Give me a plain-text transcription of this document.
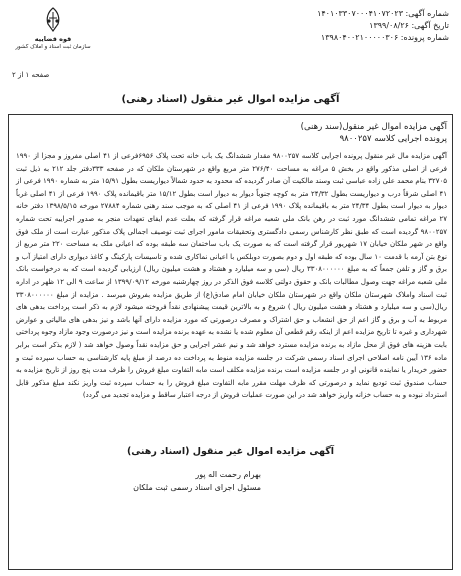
قوه قضاییه
سازمان ثبت اسناد و املاک کشور
شماره آگهی: ۱۴۰۱۰۳۳۰۷۰۰۰۴۱۰۷۲۰۲۳
تاریخ آگهی: ۱۳۹۹/۰۸/۲۶
شماره پرونده: ۱۳۹۸۰۴۰۰۲۱۰۰۰۰۰۳۰۶
صفحه ۱ از ۲
آگهی مزایده اموال غیر منقول (اسناد رهنی)
آگهی مزایده اموال غیر منقول(سند رهنی)
پرونده اجرایی کلاسه ۹۸۰۰۲۵۷
آگهی مزایده مال غیر منقول پرونده اجرایی کلاسه ۹۸۰۰۲۵۷ مقدار ششدانگ یک باب خانه تحت پلاک ۶۹۵۶فرعی از ۴۱ اصلی مفروز و مجزا از ۱۹۹۰ فرعی از اصلی مذکور واقع در بخش ۵ مراغه به مساحت ۲۷۶/۴۰ متر مربع واقع در شهرستان ملکان که در صفحه ۳۳۳دفتر جلد ۲۱۲ به ذیل ثبت ۳۲۷۰۵ بنام محمد علی زاده عباسی ثبت وسند مالکیت آن صادر گردیده که محدود به حدود شمالاً دیواریست بطول ۱۵/۹۱ متر به شماره ۱۹۹۰ فرعی از ۴۱ اصلی شرقاً درب و دیواریست بطول ۲۴/۳۲ متر به کوچه جنوباً دیوار به دیوار است بطول ۱۵/۱۲ متر باقیمانده پلاک ۱۹۹۰ فرعی از ۴۱ اصلی غرباً دیوار به دیوار است بطول ۲۴/۳۴ متر به باقیمانده پلاک ۱۹۹۰ فرعی از ۴۱ اصلی که به موجب سند رهنی شماره ۲۷۸۸۴ مورخه ۱۳۹۸/۵/۱۵ دفتر خانه ۲۷ مراغه تمامی ششدانگ مورد ثبت در رهن بانک ملی شعبه مراغه قرار گرفته که بعلت عدم ایفای تعهدات منجر به صدور اجراییه تحت شماره ۹۸۰۰۲۵۷ گردیده است که طبق نظر کارشناس رسمی دادگستری وتحقیقات مامور اجرای ثبت توصیف اجمالی پلاک مذکور عبارت است از ملک فوق واقع در شهر ملکان خیابان ۱۷ شهریور قرار گرفته است که به صورت یک باب ساختمان سه طبقه بوده که اعیانی ملک به مساحت ۲۲۰ متر مربع از نوع بتن آرمه با قدمت ۱۰ سال بوده که طبقه اول و دوم بصورت دوبلکس با اعیانی نماکاری شده و تاسیسات پارکینگ و کاغذ دیواری دارای امتیاز آب و برق و گاز و تلفن جمعاً که به مبلغ ۳۳۰۸۰۰۰۰۰۰ ریال (سی و سه میلیارد و هشتاد و هشت میلیون ریال) ارزیابی گردیده است که به درخواست بانک ملی شعبه مراغه جهت وصول مطالبات بانک و حقوق دولتی کلاسه فوق الذکر در روز چهارشنبه مورخه ۱۳۹۹/۰۹/۱۲ از ساعت ۹ الی ۱۲ ظهر در اداره ثبت اسناد واملاک شهرستان ملکان واقع در شهرستان ملکان خیابان امام صادق(ع) از طریق مزایده بفروش میرسد . مزایده از مبلغ ۳۳۰۸۰۰۰۰۰۰ ریال(سی و سه میلیارد و هشتاد و هشت میلیون ریال ) شروع و به بالاترین قیمت پیشنهادی نقداً فروخته میشود لازم به ذکر است پرداخت بدهی های مربوط به آب و برق و گاز اعم از حق انشعاب و حق اشتراک و مصرف درصورتی که مورد مزایده دارای آنها باشد و نیز بدهی های مالیاتی و عوارض شهرداری و غیره تا تاریخ مزایده اعم از اینکه رقم قطعی آن معلوم شده یا نشده به عهده برنده مزایده است و نیز درصورت وجود مازاد وجوه پرداختی بابت هزینه های فوق از محل مازاد به برنده مزایده مسترد خواهد شد و نیم عشر اجرایی و حق مزایده نقداً وصول خواهد شد ( لازم بذکر است برابر ماده ۱۳۶ آیین نامه اصلاحی اجرای اسناد رسمی شرکت در جلسه مزایده منوط به پرداخت ده درصد از مبلغ پایه کارشناسی به حساب سپرده ثبت و حضور خریدار یا نماینده قانونی او در جلسه مزایده است برنده مزایده مکلف است مابه التفاوت مبلغ فروش را ظرف مدت پنج روز از تاریخ مزایده به حساب صندوق ثبت تودیع نماید و درصورتی که ظرف مهلت مقرر مابه التفاوت مبلغ فروش را به حساب سپرده ثبت واریز نکند مبلغ مذکور قابل استرداد نبوده و به حساب خزانه واریز خواهد شد در این صورت عملیات فروش از درجه اعتبار ساقط و مزایده تجدید می گردد)
آگهی مزایده اموال غیر منقول (اسناد رهنی)
بهرام رحمت اله پور
مسئول اجرای اسناد رسمی ثبت ملکان
